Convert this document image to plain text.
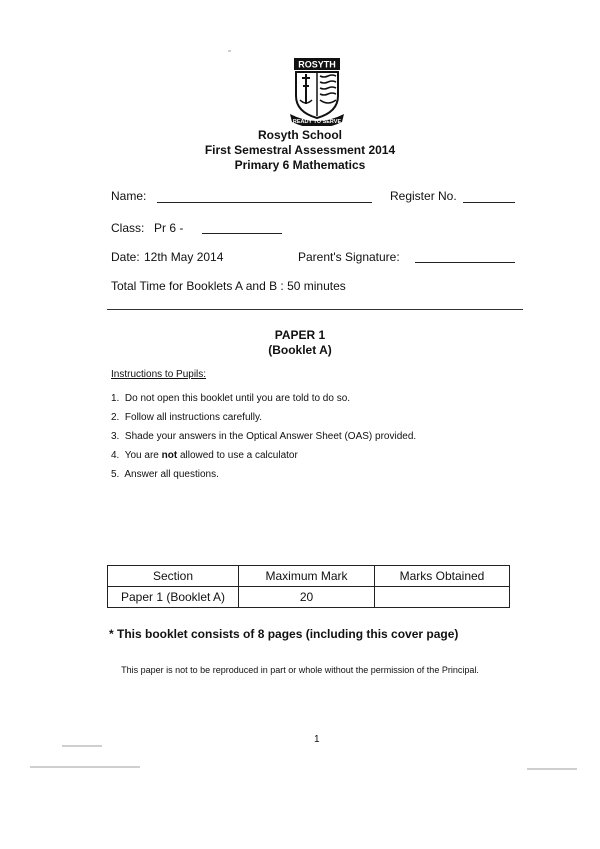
ROSYTH
READY TO SERVE
Rosyth School
First Semestral Assessment 2014
Primary 6 Mathematics
Name:	Register No.
Class: Pr 6 -
Date: 12th May 2014	Parent's Signature:
Total Time for Booklets A and B : 50 minutes
PAPER 1
(Booklet A)
Instructions to Pupils:
1. Do not open this booklet until you are told to do so.
2. Follow all instructions carefully.
3. Shade your answers in the Optical Answer Sheet (OAS) provided.
4. You are not allowed to use a calculator
5. Answer all questions.
Section	Maximum Mark	Marks Obtained
Paper 1 (Booklet A)	20	
* This booklet consists of 8 pages (including this cover page)
This paper is not to be reproduced in part or whole without the permission of the Principal.
1
